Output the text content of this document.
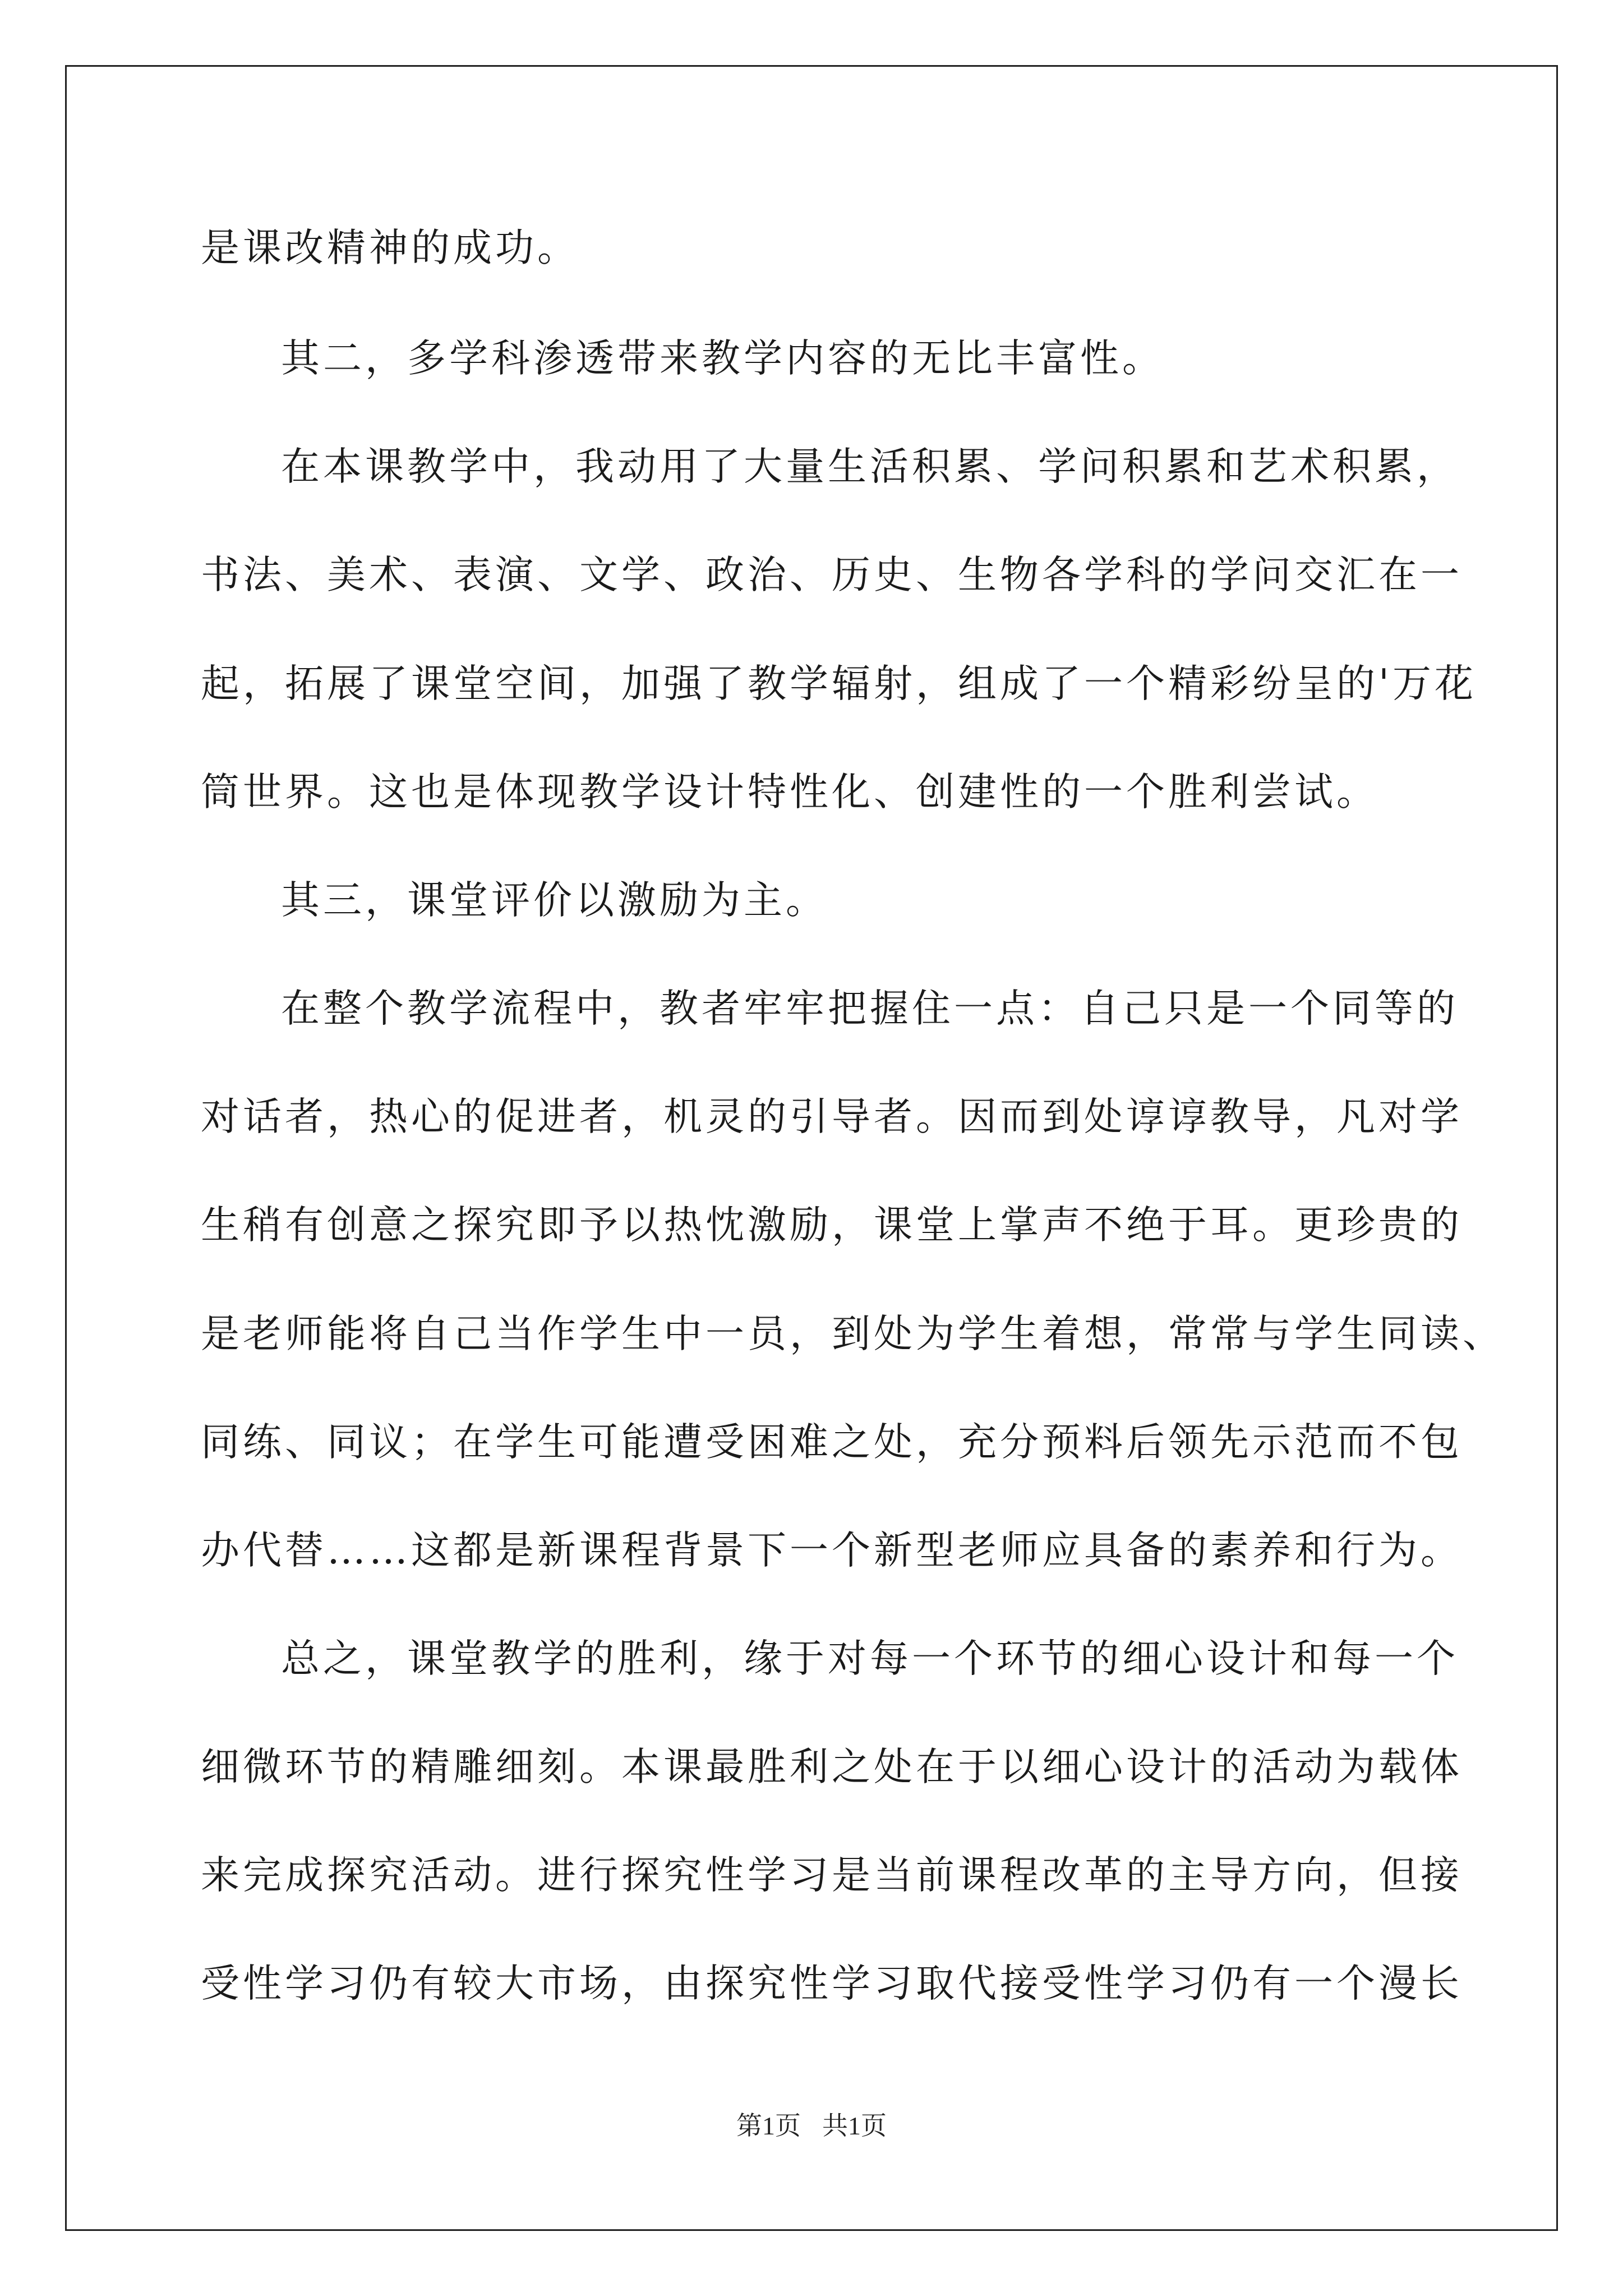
是课改精神的成功。
其二，多学科渗透带来教学内容的无比丰富性。
在本课教学中，我动用了大量生活积累、学问积累和艺术积累，
书法、美术、表演、文学、政治、历史、生物各学科的学问交汇在一
起，拓展了课堂空间，加强了教学辐射，组成了一个精彩纷呈的'万花
筒世界。这也是体现教学设计特性化、创建性的一个胜利尝试。
其三，课堂评价以激励为主。
在整个教学流程中，教者牢牢把握住一点：自己只是一个同等的
对话者，热心的促进者，机灵的引导者。因而到处谆谆教导，凡对学
生稍有创意之探究即予以热忱激励，课堂上掌声不绝于耳。更珍贵的
是老师能将自己当作学生中一员，到处为学生着想，常常与学生同读、
同练、同议；在学生可能遭受困难之处，充分预料后领先示范而不包
办代替……这都是新课程背景下一个新型老师应具备的素养和行为。
总之，课堂教学的胜利，缘于对每一个环节的细心设计和每一个
细微环节的精雕细刻。本课最胜利之处在于以细心设计的活动为载体
来完成探究活动。进行探究性学习是当前课程改革的主导方向，但接
受性学习仍有较大市场，由探究性学习取代接受性学习仍有一个漫长
第1页 共1页
